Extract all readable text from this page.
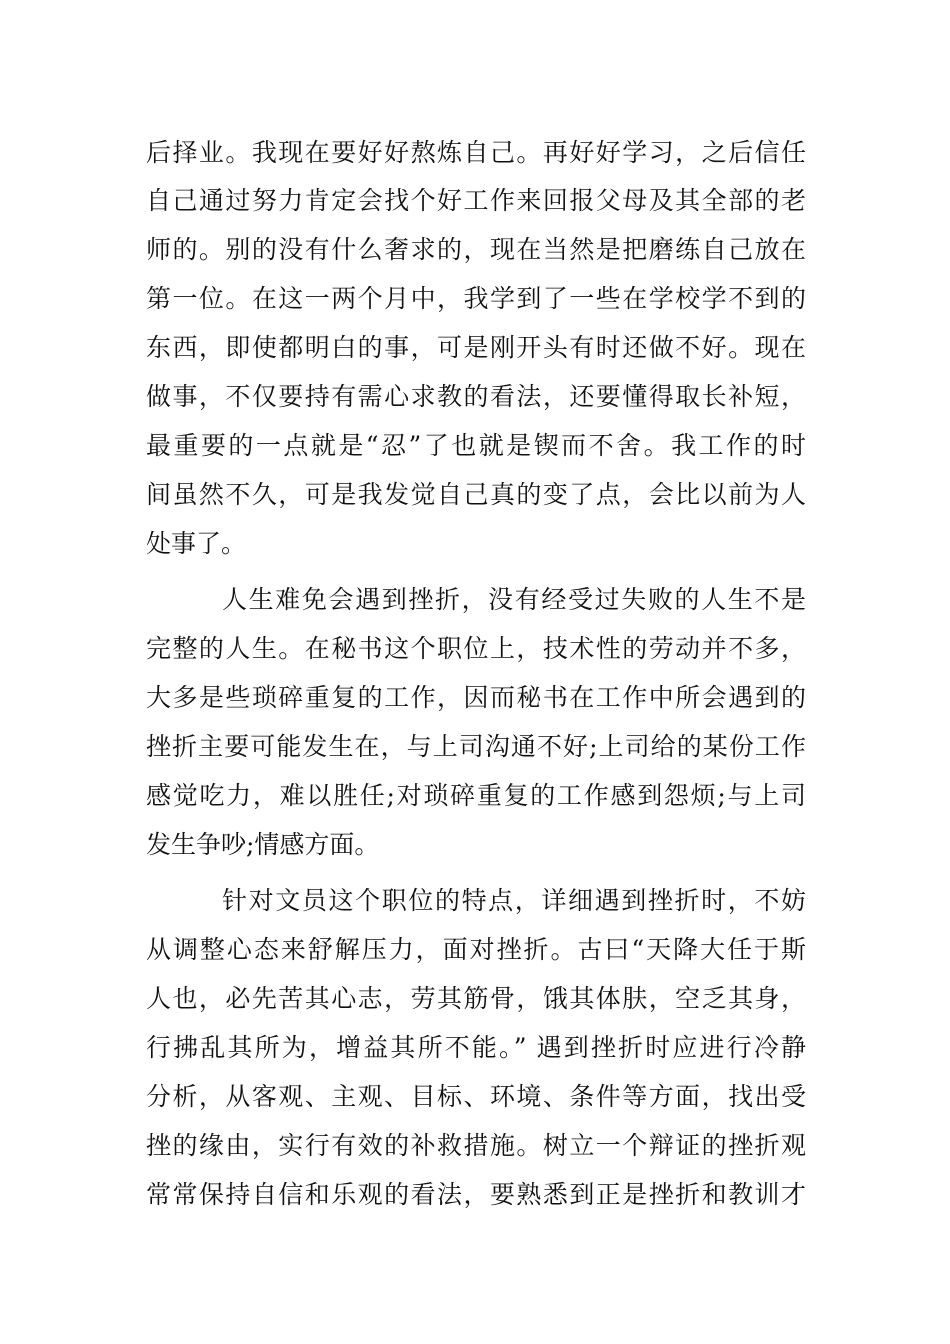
后择业。我现在要好好熬炼自己。再好好学习，之后信任
自己通过努力肯定会找个好工作来回报父母及其全部的老
师的。别的没有什么奢求的，现在当然是把磨练自己放在
第一位。在这一两个月中，我学到了一些在学校学不到的
东西，即使都明白的事，可是刚开头有时还做不好。现在
做事，不仅要持有需心求教的看法，还要懂得取长补短，
最重要的一点就是“忍”了也就是锲而不舍。我工作的时
间虽然不久，可是我发觉自己真的变了点，会比以前为人
处事了。
人生难免会遇到挫折，没有经受过失败的人生不是
完整的人生。在秘书这个职位上，技术性的劳动并不多，
大多是些琐碎重复的工作，因而秘书在工作中所会遇到的
挫折主要可能发生在，与上司沟通不好;上司给的某份工作
感觉吃力，难以胜任;对琐碎重复的工作感到怨烦;与上司
发生争吵;情感方面。
针对文员这个职位的特点，详细遇到挫折时，不妨
从调整心态来舒解压力，面对挫折。古曰“天降大任于斯
人也，必先苦其心志，劳其筋骨，饿其体肤，空乏其身，
行拂乱其所为，增益其所不能。” 遇到挫折时应进行冷静
分析，从客观、主观、目标、环境、条件等方面，找出受
挫的缘由，实行有效的补救措施。树立一个辩证的挫折观
常常保持自信和乐观的看法，要熟悉到正是挫折和教训才
